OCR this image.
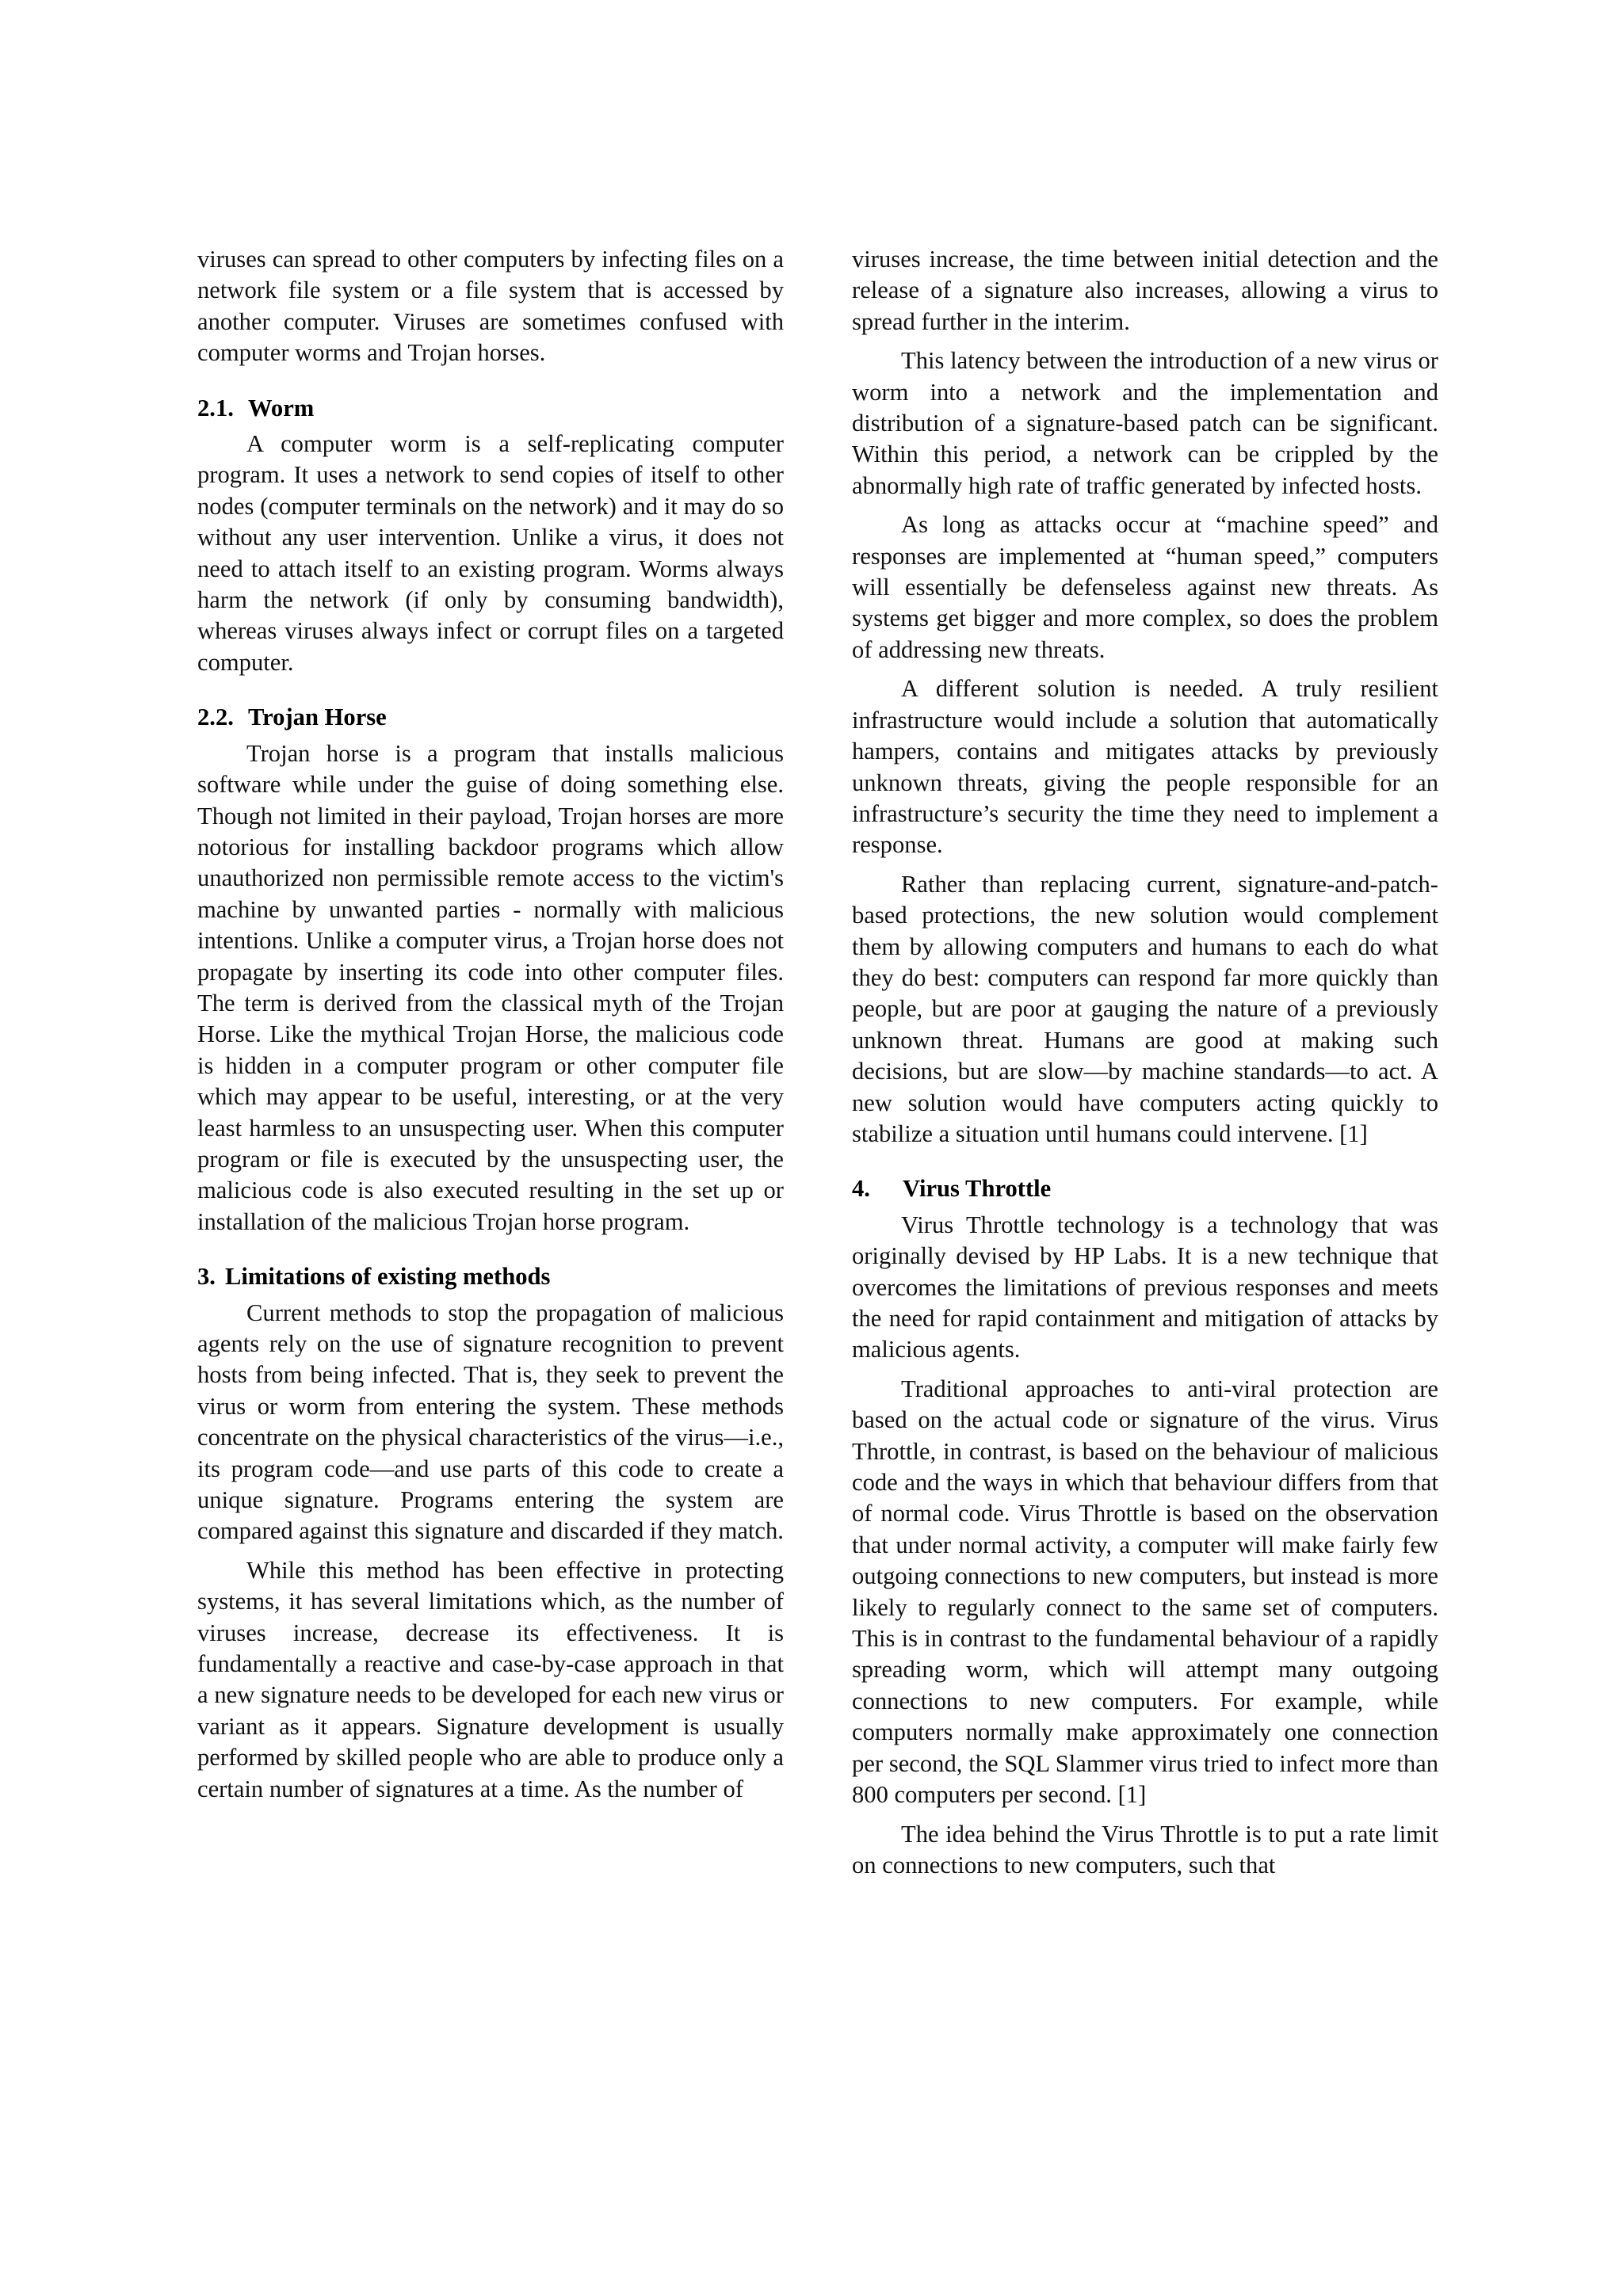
viruses can spread to other computers by infecting files on a network file system or a file system that is accessed by another computer. Viruses are sometimes confused with computer worms and Trojan horses.

2.1. Worm

A computer worm is a self-replicating computer program. It uses a network to send copies of itself to other nodes (computer terminals on the network) and it may do so without any user intervention. Unlike a virus, it does not need to attach itself to an existing program. Worms always harm the network (if only by consuming bandwidth), whereas viruses always infect or corrupt files on a targeted computer.

2.2. Trojan Horse

Trojan horse is a program that installs malicious software while under the guise of doing something else. Though not limited in their payload, Trojan horses are more notorious for installing backdoor programs which allow unauthorized non permissible remote access to the victim's machine by unwanted parties - normally with malicious intentions. Unlike a computer virus, a Trojan horse does not propagate by inserting its code into other computer files. The term is derived from the classical myth of the Trojan Horse. Like the mythical Trojan Horse, the malicious code is hidden in a computer program or other computer file which may appear to be useful, interesting, or at the very least harmless to an unsuspecting user. When this computer program or file is executed by the unsuspecting user, the malicious code is also executed resulting in the set up or installation of the malicious Trojan horse program.

3. Limitations of existing methods

Current methods to stop the propagation of malicious agents rely on the use of signature recognition to prevent hosts from being infected. That is, they seek to prevent the virus or worm from entering the system. These methods concentrate on the physical characteristics of the virus—i.e., its program code—and use parts of this code to create a unique signature. Programs entering the system are compared against this signature and discarded if they match.

While this method has been effective in protecting systems, it has several limitations which, as the number of viruses increase, decrease its effectiveness. It is fundamentally a reactive and case-by-case approach in that a new signature needs to be developed for each new virus or variant as it appears. Signature development is usually performed by skilled people who are able to produce only a certain number of signatures at a time. As the number of

viruses increase, the time between initial detection and the release of a signature also increases, allowing a virus to spread further in the interim.

This latency between the introduction of a new virus or worm into a network and the implementation and distribution of a signature-based patch can be significant. Within this period, a network can be crippled by the abnormally high rate of traffic generated by infected hosts.

As long as attacks occur at “machine speed” and responses are implemented at “human speed,” computers will essentially be defenseless against new threats. As systems get bigger and more complex, so does the problem of addressing new threats.

A different solution is needed. A truly resilient infrastructure would include a solution that automatically hampers, contains and mitigates attacks by previously unknown threats, giving the people responsible for an infrastructure’s security the time they need to implement a response.

Rather than replacing current, signature-and-patch-based protections, the new solution would complement them by allowing computers and humans to each do what they do best: computers can respond far more quickly than people, but are poor at gauging the nature of a previously unknown threat. Humans are good at making such decisions, but are slow—by machine standards—to act. A new solution would have computers acting quickly to stabilize a situation until humans could intervene. [1]

4. Virus Throttle

Virus Throttle technology is a technology that was originally devised by HP Labs. It is a new technique that overcomes the limitations of previous responses and meets the need for rapid containment and mitigation of attacks by malicious agents.

Traditional approaches to anti-viral protection are based on the actual code or signature of the virus. Virus Throttle, in contrast, is based on the behaviour of malicious code and the ways in which that behaviour differs from that of normal code. Virus Throttle is based on the observation that under normal activity, a computer will make fairly few outgoing connections to new computers, but instead is more likely to regularly connect to the same set of computers. This is in contrast to the fundamental behaviour of a rapidly spreading worm, which will attempt many outgoing connections to new computers. For example, while computers normally make approximately one connection per second, the SQL Slammer virus tried to infect more than 800 computers per second. [1]

The idea behind the Virus Throttle is to put a rate limit on connections to new computers, such that
